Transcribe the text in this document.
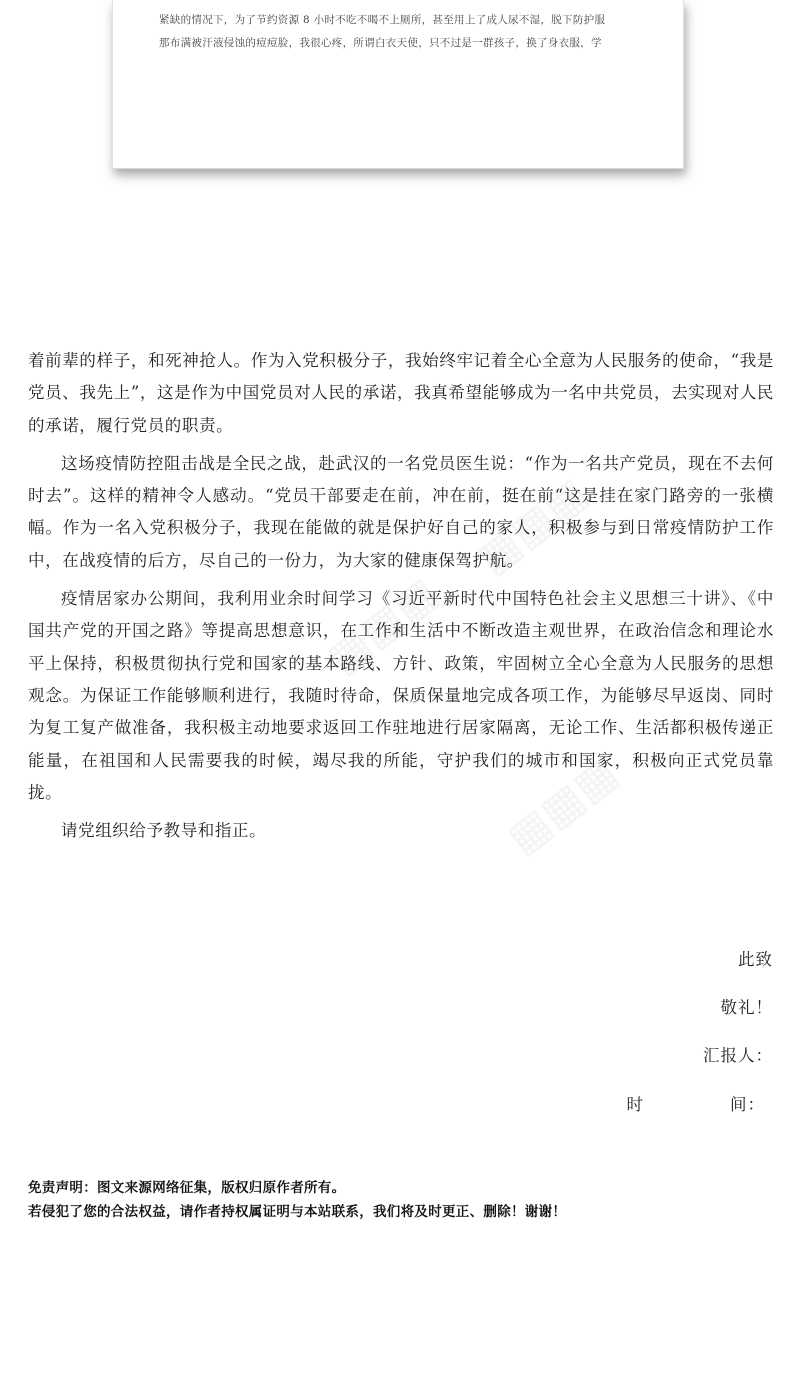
紧缺的情况下，为了节约资源 8 小时不吃不喝不上厕所，甚至用上了成人尿不湿，脱下防护服
那布满被汗液侵蚀的痘痘脸，我很心疼，所谓白衣天使，只不过是一群孩子，换了身衣服，学

着前辈的样子，和死神抢人。作为入党积极分子，我始终牢记着全心全意为人民服务的使命，“我是党员、我先上”，这是作为中国党员对人民的承诺，我真希望能够成为一名中共党员，去实现对人民的承诺，履行党员的职责。

这场疫情防控阻击战是全民之战，赴武汉的一名党员医生说：“作为一名共产党员，现在不去何时去”。这样的精神令人感动。“党员干部要走在前，冲在前，挺在前“这是挂在家门路旁的一张横幅。作为一名入党积极分子，我现在能做的就是保护好自己的家人，积极参与到日常疫情防护工作中，在战疫情的后方，尽自己的一份力，为大家的健康保驾护航。

疫情居家办公期间，我利用业余时间学习《习近平新时代中国特色社会主义思想三十讲》、《中国共产党的开国之路》等提高思想意识，在工作和生活中不断改造主观世界，在政治信念和理论水平上保持，积极贯彻执行党和国家的基本路线、方针、政策，牢固树立全心全意为人民服务的思想观念。为保证工作能够顺利进行，我随时待命，保质保量地完成各项工作，为能够尽早返岗、同时为复工复产做准备，我积极主动地要求返回工作驻地进行居家隔离，无论工作、生活都积极传递正能量，在祖国和人民需要我的时候，竭尽我的所能，守护我们的城市和国家，积极向正式党员靠拢。

请党组织给予教导和指正。

此致
敬礼！
汇报人：
时	间：
免责声明：图文来源网络征集，版权归原作者所有。
若侵犯了您的合法权益，请作者持权属证明与本站联系，我们将及时更正、删除！谢谢！
